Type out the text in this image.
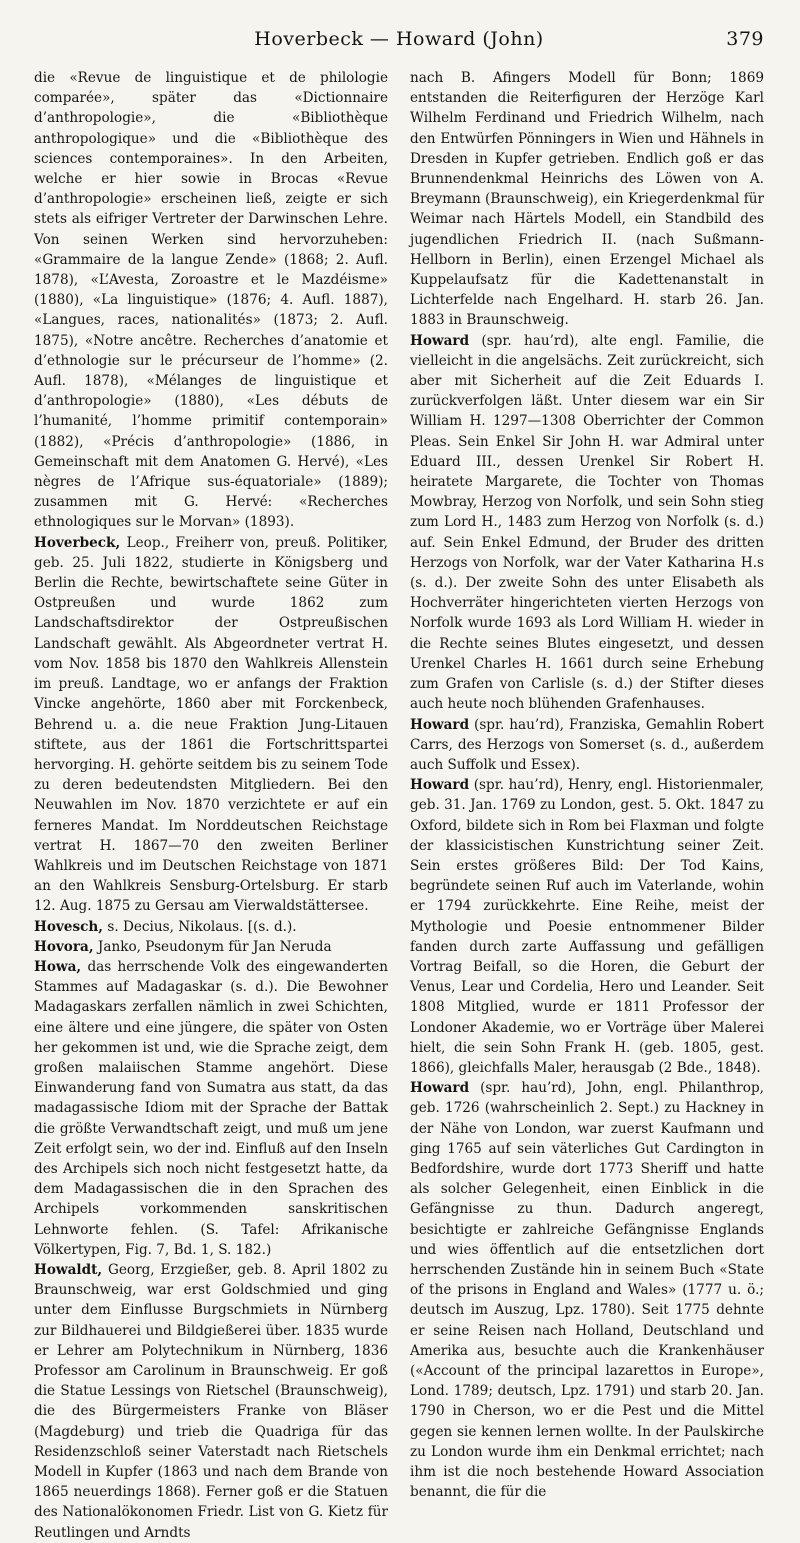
Hoverbeck — Howard (John)	379

die «Revue de linguistique et de philologie comparée», später das «Dictionnaire d’anthropologie», die «Bibliothèque anthropologique» und die «Bibliothèque des sciences contemporaines». In den Arbeiten, welche er hier sowie in Brocas «Revue d’anthropologie» erscheinen ließ, zeigte er sich stets als eifriger Vertreter der Darwinschen Lehre. Von seinen Werken sind hervorzuheben: «Grammaire de la langue Zende» (1868; 2. Aufl. 1878), «L’Avesta, Zoroastre et le Mazdéisme» (1880), «La linguistique» (1876; 4. Aufl. 1887), «Langues, races, nationalités» (1873; 2. Aufl. 1875), «Notre ancêtre. Recherches d’anatomie et d’ethnologie sur le précurseur de l’homme» (2. Aufl. 1878), «Mélanges de linguistique et d’anthropologie» (1880), «Les débuts de l’humanité, l’homme primitif contemporain» (1882), «Précis d’anthropologie» (1886, in Gemeinschaft mit dem Anatomen G. Hervé), «Les nègres de l’Afrique sus-équatoriale» (1889); zusammen mit G. Hervé: «Recherches ethnologiques sur le Morvan» (1893).

Hoverbeck, Leop., Freiherr von, preuß. Politiker, geb. 25. Juli 1822, studierte in Königsberg und Berlin die Rechte, bewirtschaftete seine Güter in Ostpreußen und wurde 1862 zum Landschaftsdirektor der Ostpreußischen Landschaft gewählt. Als Abgeordneter vertrat H. vom Nov. 1858 bis 1870 den Wahlkreis Allenstein im preuß. Landtage, wo er anfangs der Fraktion Vincke angehörte, 1860 aber mit Forckenbeck, Behrend u. a. die neue Fraktion Jung-Litauen stiftete, aus der 1861 die Fortschrittspartei hervorging. H. gehörte seitdem bis zu seinem Tode zu deren bedeutendsten Mitgliedern. Bei den Neuwahlen im Nov. 1870 verzichtete er auf ein ferneres Mandat. Im Norddeutschen Reichstage vertrat H. 1867—70 den zweiten Berliner Wahlkreis und im Deutschen Reichstage von 1871 an den Wahlkreis Sensburg-Ortelsburg. Er starb 12. Aug. 1875 zu Gersau am Vierwaldstättersee.

Hovesch, s. Decius, Nikolaus. [(s. d.).

Hovora, Janko, Pseudonym für Jan Neruda

Howa, das herrschende Volk des eingewanderten Stammes auf Madagaskar (s. d.). Die Bewohner Madagaskars zerfallen nämlich in zwei Schichten, eine ältere und eine jüngere, die später von Osten her gekommen ist und, wie die Sprache zeigt, dem großen malaiischen Stamme angehört. Diese Einwanderung fand von Sumatra aus statt, da das madagassische Idiom mit der Sprache der Battak die größte Verwandtschaft zeigt, und muß um jene Zeit erfolgt sein, wo der ind. Einfluß auf den Inseln des Archipels sich noch nicht festgesetzt hatte, da dem Madagassischen die in den Sprachen des Archipels vorkommenden sanskritischen Lehnworte fehlen. (S. Tafel: Afrikanische Völkertypen, Fig. 7, Bd. 1, S. 182.)

Howaldt, Georg, Erzgießer, geb. 8. April 1802 zu Braunschweig, war erst Goldschmied und ging unter dem Einflusse Burgschmiets in Nürnberg zur Bildhauerei und Bildgießerei über. 1835 wurde er Lehrer am Polytechnikum in Nürnberg, 1836 Professor am Carolinum in Braunschweig. Er goß die Statue Lessings von Rietschel (Braunschweig), die des Bürgermeisters Franke von Bläser (Magdeburg) und trieb die Quadriga für das Residenzschloß seiner Vaterstadt nach Rietschels Modell in Kupfer (1863 und nach dem Brande von 1865 neuerdings 1868). Ferner goß er die Statuen des Nationalökonomen Friedr. List von G. Kietz für Reutlingen und Arndts

nach B. Afingers Modell für Bonn; 1869 entstanden die Reiterfiguren der Herzöge Karl Wilhelm Ferdinand und Friedrich Wilhelm, nach den Entwürfen Pönningers in Wien und Hähnels in Dresden in Kupfer getrieben. Endlich goß er das Brunnendenkmal Heinrichs des Löwen von A. Breymann (Braunschweig), ein Kriegerdenkmal für Weimar nach Härtels Modell, ein Standbild des jugendlichen Friedrich II. (nach Sußmann-Hellborn in Berlin), einen Erzengel Michael als Kuppelaufsatz für die Kadettenanstalt in Lichterfelde nach Engelhard. H. starb 26. Jan. 1883 in Braunschweig.

Howard (spr. hau’rd), alte engl. Familie, die vielleicht in die angelsächs. Zeit zurückreicht, sich aber mit Sicherheit auf die Zeit Eduards I. zurückverfolgen läßt. Unter diesem war ein Sir William H. 1297—1308 Oberrichter der Common Pleas. Sein Enkel Sir John H. war Admiral unter Eduard III., dessen Urenkel Sir Robert H. heiratete Margarete, die Tochter von Thomas Mowbray, Herzog von Norfolk, und sein Sohn stieg zum Lord H., 1483 zum Herzog von Norfolk (s. d.) auf. Sein Enkel Edmund, der Bruder des dritten Herzogs von Norfolk, war der Vater Katharina H.s (s. d.). Der zweite Sohn des unter Elisabeth als Hochverräter hingerichteten vierten Herzogs von Norfolk wurde 1693 als Lord William H. wieder in die Rechte seines Blutes eingesetzt, und dessen Urenkel Charles H. 1661 durch seine Erhebung zum Grafen von Carlisle (s. d.) der Stifter dieses auch heute noch blühenden Grafenhauses.

Howard (spr. hau’rd), Franziska, Gemahlin Robert Carrs, des Herzogs von Somerset (s. d., außerdem auch Suffolk und Essex).

Howard (spr. hau’rd), Henry, engl. Historienmaler, geb. 31. Jan. 1769 zu London, gest. 5. Okt. 1847 zu Oxford, bildete sich in Rom bei Flaxman und folgte der klassicistischen Kunstrichtung seiner Zeit. Sein erstes größeres Bild: Der Tod Kains, begründete seinen Ruf auch im Vaterlande, wohin er 1794 zurückkehrte. Eine Reihe, meist der Mythologie und Poesie entnommener Bilder fanden durch zarte Auffassung und gefälligen Vortrag Beifall, so die Horen, die Geburt der Venus, Lear und Cordelia, Hero und Leander. Seit 1808 Mitglied, wurde er 1811 Professor der Londoner Akademie, wo er Vorträge über Malerei hielt, die sein Sohn Frank H. (geb. 1805, gest. 1866), gleichfalls Maler, herausgab (2 Bde., 1848).

Howard (spr. hau’rd), John, engl. Philanthrop, geb. 1726 (wahrscheinlich 2. Sept.) zu Hackney in der Nähe von London, war zuerst Kaufmann und ging 1765 auf sein väterliches Gut Cardington in Bedfordshire, wurde dort 1773 Sheriff und hatte als solcher Gelegenheit, einen Einblick in die Gefängnisse zu thun. Dadurch angeregt, besichtigte er zahlreiche Gefängnisse Englands und wies öffentlich auf die entsetzlichen dort herrschenden Zustände hin in seinem Buch «State of the prisons in England and Wales» (1777 u. ö.; deutsch im Auszug, Lpz. 1780). Seit 1775 dehnte er seine Reisen nach Holland, Deutschland und Amerika aus, besuchte auch die Krankenhäuser («Account of the principal lazarettos in Europe», Lond. 1789; deutsch, Lpz. 1791) und starb 20. Jan. 1790 in Cherson, wo er die Pest und die Mittel gegen sie kennen lernen wollte. In der Paulskirche zu London wurde ihm ein Denkmal errichtet; nach ihm ist die noch bestehende Howard Association benannt, die für die
